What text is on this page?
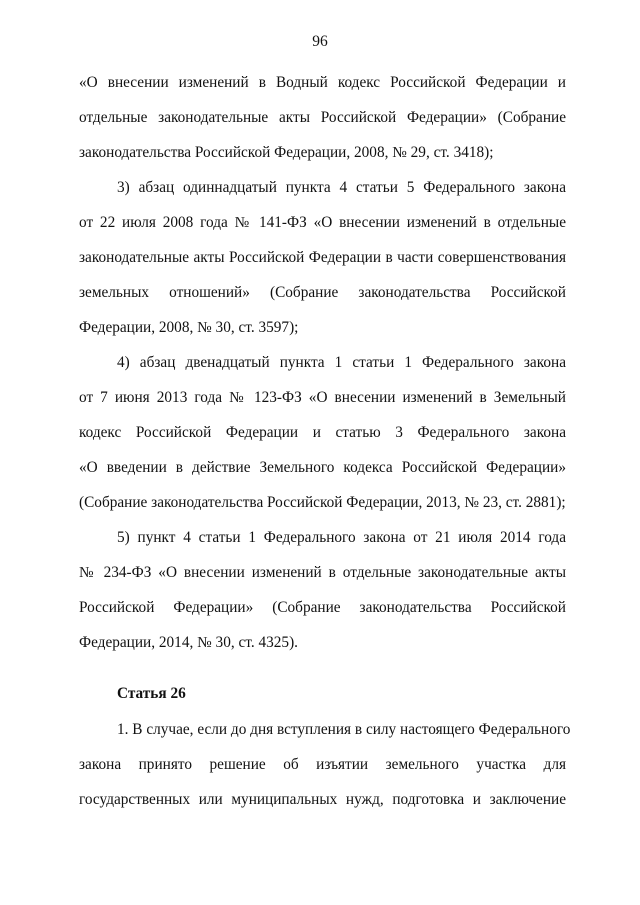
96
«О внесении изменений в Водный кодекс Российской Федерации и
отдельные законодательные акты Российской Федерации» (Собрание
законодательства Российской Федерации, 2008, № 29, ст. 3418);
3) абзац одиннадцатый пункта 4 статьи 5 Федерального закона
от 22 июля 2008 года № 141-ФЗ «О внесении изменений в отдельные
законодательные акты Российской Федерации в части совершенствования
земельных отношений» (Собрание законодательства Российской
Федерации, 2008, № 30, ст. 3597);
4) абзац двенадцатый пункта 1 статьи 1 Федерального закона
от 7 июня 2013 года № 123-ФЗ «О внесении изменений в Земельный
кодекс Российской Федерации и статью 3 Федерального закона
«О введении в действие Земельного кодекса Российской Федерации»
(Собрание законодательства Российской Федерации, 2013, № 23, ст. 2881);
5) пункт 4 статьи 1 Федерального закона от 21 июля 2014 года
№ 234-ФЗ «О внесении изменений в отдельные законодательные акты
Российской Федерации» (Собрание законодательства Российской
Федерации, 2014, № 30, ст. 4325).
Статья 26
1. В случае, если до дня вступления в силу настоящего Федерального
закона принято решение об изъятии земельного участка для
государственных или муниципальных нужд, подготовка и заключение
